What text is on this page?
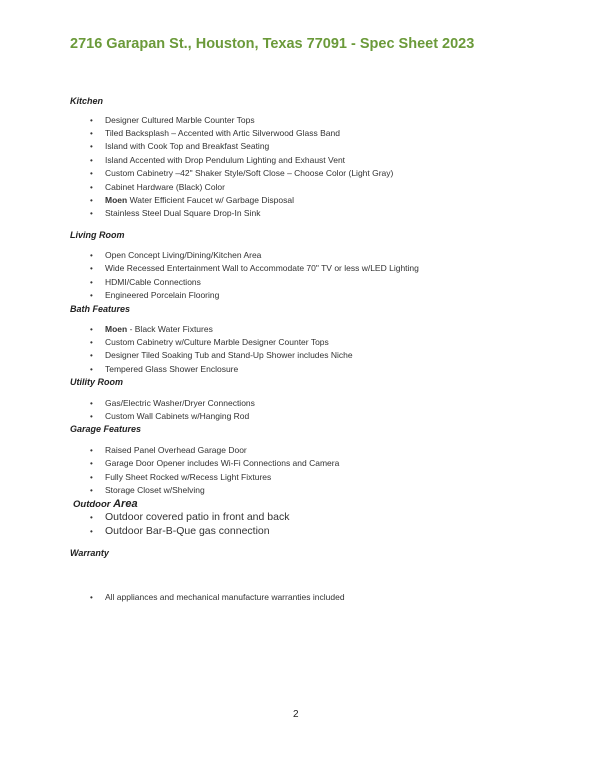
2716 Garapan St., Houston, Texas 77091 - Spec Sheet 2023
Kitchen
• Designer Cultured Marble Counter Tops
• Tiled Backsplash – Accented with Artic Silverwood Glass Band
• Island with Cook Top and Breakfast Seating
• Island Accented with Drop Pendulum Lighting and Exhaust Vent
• Custom Cabinetry –42" Shaker Style/Soft Close – Choose Color (Light Gray)
• Cabinet Hardware (Black) Color
• Moen Water Efficient Faucet w/ Garbage Disposal
• Stainless Steel Dual Square Drop-In Sink
Living Room
• Open Concept Living/Dining/Kitchen Area
• Wide Recessed Entertainment Wall to Accommodate 70" TV or less w/LED Lighting
• HDMI/Cable Connections
• Engineered Porcelain Flooring
Bath Features
• Moen - Black Water Fixtures
• Custom Cabinetry w/Culture Marble Designer Counter Tops
• Designer Tiled Soaking Tub and Stand-Up Shower includes Niche
• Tempered Glass Shower Enclosure
Utility Room
• Gas/Electric Washer/Dryer Connections
• Custom Wall Cabinets w/Hanging Rod
Garage Features
• Raised Panel Overhead Garage Door
• Garage Door Opener includes Wi-Fi Connections and Camera
• Fully Sheet Rocked w/Recess Light Fixtures
• Storage Closet w/Shelving
Outdoor Area
• Outdoor covered patio in front and back
• Outdoor Bar-B-Que gas connection
Warranty
• All appliances and mechanical manufacture warranties included
2
